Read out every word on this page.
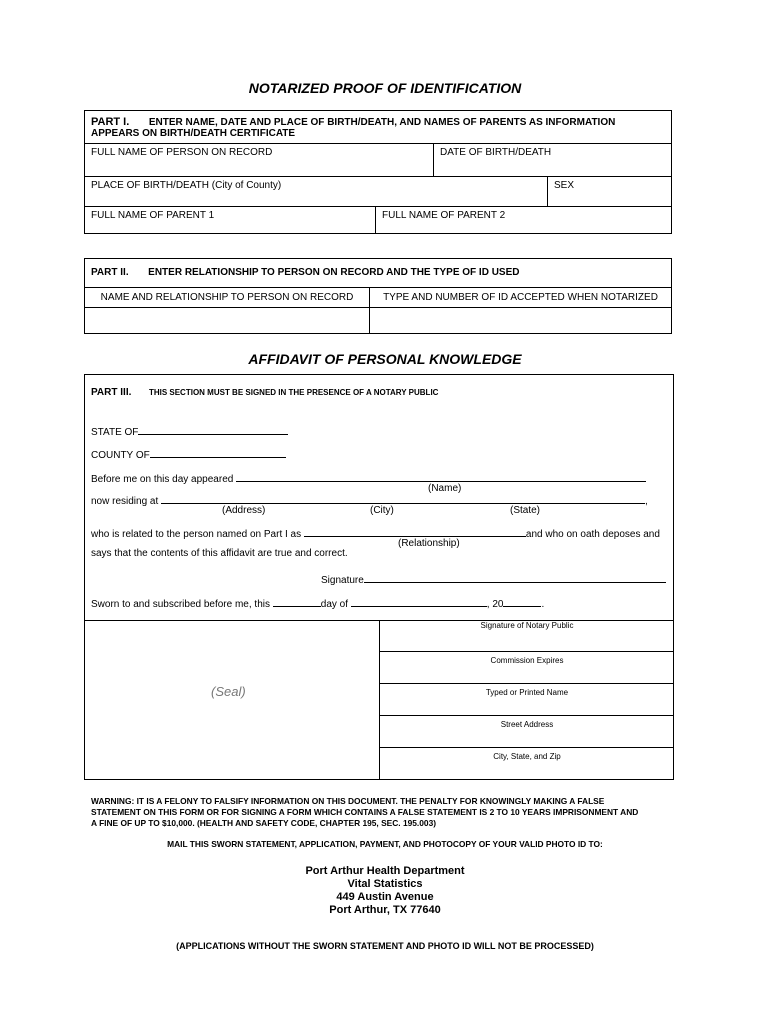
NOTARIZED PROOF OF IDENTIFICATION
PART I. ENTER NAME, DATE AND PLACE OF BIRTH/DEATH, AND NAMES OF PARENTS AS INFORMATION
APPEARS ON BIRTH/DEATH CERTIFICATE
FULL NAME OF PERSON ON RECORD	DATE OF BIRTH/DEATH
PLACE OF BIRTH/DEATH (City of County)	SEX
FULL NAME OF PARENT 1	FULL NAME OF PARENT 2
PART II. ENTER RELATIONSHIP TO PERSON ON RECORD AND THE TYPE OF ID USED
NAME AND RELATIONSHIP TO PERSON ON RECORD	TYPE AND NUMBER OF ID ACCEPTED WHEN NOTARIZED
AFFIDAVIT OF PERSONAL KNOWLEDGE
PART III. THIS SECTION MUST BE SIGNED IN THE PRESENCE OF A NOTARY PUBLIC
STATE OF
COUNTY OF
Before me on this day appeared
(Name)
now residing at	,
(Address)	(City)	(State)
who is related to the person named on Part I as	and who on oath deposes and
(Relationship)
says that the contents of this affidavit are true and correct.
Signature
Sworn to and subscribed before me, this	day of	, 20	.
(Seal)
Signature of Notary Public
Commission Expires
Typed or Printed Name
Street Address
City, State, and Zip
WARNING: IT IS A FELONY TO FALSIFY INFORMATION ON THIS DOCUMENT. THE PENALTY FOR KNOWINGLY MAKING A FALSE
STATEMENT ON THIS FORM OR FOR SIGNING A FORM WHICH CONTAINS A FALSE STATEMENT IS 2 TO 10 YEARS IMPRISONMENT AND
A FINE OF UP TO $10,000. (HEALTH AND SAFETY CODE, CHAPTER 195, SEC. 195.003)
MAIL THIS SWORN STATEMENT, APPLICATION, PAYMENT, AND PHOTOCOPY OF YOUR VALID PHOTO ID TO:
Port Arthur Health Department
Vital Statistics
449 Austin Avenue
Port Arthur, TX 77640
(APPLICATIONS WITHOUT THE SWORN STATEMENT AND PHOTO ID WILL NOT BE PROCESSED)
